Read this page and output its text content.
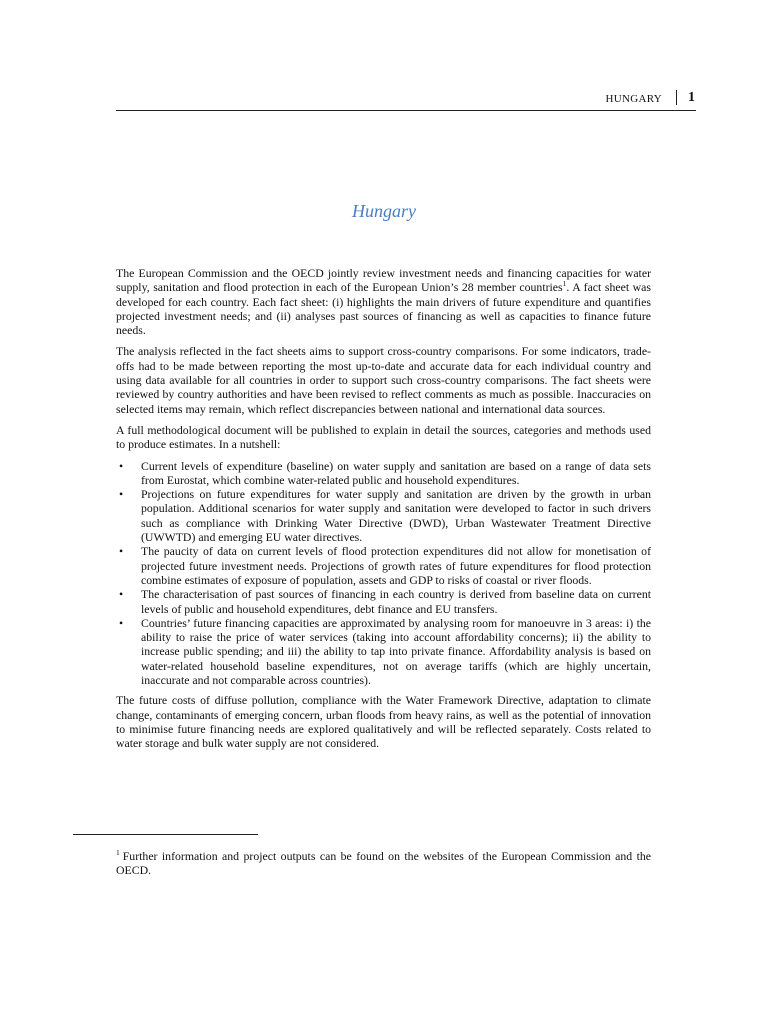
HUNGARY 1
Hungary

The European Commission and the OECD jointly review investment needs and financing capacities for water supply, sanitation and flood protection in each of the European Union’s 28 member countries$^1$. A fact sheet was developed for each country. Each fact sheet: (i) highlights the main drivers of future expenditure and quantifies projected investment needs; and (ii) analyses past sources of financing as well as capacities to finance future needs.

The analysis reflected in the fact sheets aims to support cross-country comparisons. For some indicators, trade-offs had to be made between reporting the most up-to-date and accurate data for each individual country and using data available for all countries in order to support such cross-country comparisons. The fact sheets were reviewed by country authorities and have been revised to reflect comments as much as possible. Inaccuracies on selected items may remain, which reflect discrepancies between national and international data sources.

A full methodological document will be published to explain in detail the sources, categories and methods used to produce estimates. In a nutshell:

• Current levels of expenditure (baseline) on water supply and sanitation are based on a range of data sets from Eurostat, which combine water-related public and household expenditures.
• Projections on future expenditures for water supply and sanitation are driven by the growth in urban population. Additional scenarios for water supply and sanitation were developed to factor in such drivers such as compliance with Drinking Water Directive (DWD), Urban Wastewater Treatment Directive (UWWTD) and emerging EU water directives.
• The paucity of data on current levels of flood protection expenditures did not allow for monetisation of projected future investment needs. Projections of growth rates of future expenditures for flood protection combine estimates of exposure of population, assets and GDP to risks of coastal or river floods.
• The characterisation of past sources of financing in each country is derived from baseline data on current levels of public and household expenditures, debt finance and EU transfers.
• Countries’ future financing capacities are approximated by analysing room for manoeuvre in 3 areas: i) the ability to raise the price of water services (taking into account affordability concerns); ii) the ability to increase public spending; and iii) the ability to tap into private finance. Affordability analysis is based on water-related household baseline expenditures, not on average tariffs (which are highly uncertain, inaccurate and not comparable across countries).

The future costs of diffuse pollution, compliance with the Water Framework Directive, adaptation to climate change, contaminants of emerging concern, urban floods from heavy rains, as well as the potential of innovation to minimise future financing needs are explored qualitatively and will be reflected separately. Costs related to water storage and bulk water supply are not considered.

$^1$ Further information and project outputs can be found on the websites of the European Commission and the OECD.
